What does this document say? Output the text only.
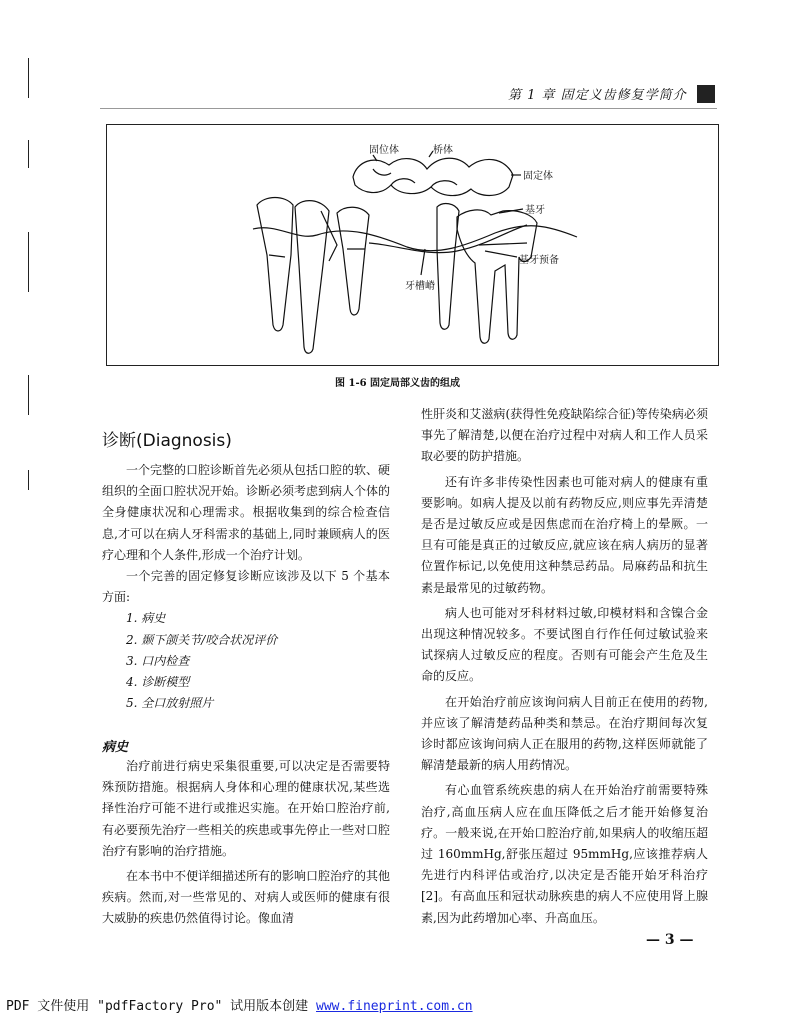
第 1 章 固定义齿修复学简介
固位体	桥体
固定体
基牙
基牙预备
牙槽嵴
图 1-6 固定局部义齿的组成
诊断(Diagnosis)

一个完整的口腔诊断首先必须从包括口腔的软、硬组织的全面口腔状况开始。诊断必须考虑到病人个体的全身健康状况和心理需求。根据收集到的综合检查信息,才可以在病人牙科需求的基础上,同时兼顾病人的医疗心理和个人条件,形成一个治疗计划。

一个完善的固定修复诊断应该涉及以下 5 个基本方面:

1. 病史
2. 颞下颌关节/咬合状况评价
3. 口内检查
4. 诊断模型
5. 全口放射照片
病史

治疗前进行病史采集很重要,可以决定是否需要特殊预防措施。根据病人身体和心理的健康状况,某些选择性治疗可能不进行或推迟实施。在开始口腔治疗前,有必要预先治疗一些相关的疾患或事先停止一些对口腔治疗有影响的治疗措施。

在本书中不便详细描述所有的影响口腔治疗的其他疾病。然而,对一些常见的、对病人或医师的健康有很大威胁的疾患仍然值得讨论。像血清

性肝炎和艾滋病(获得性免疫缺陷综合征)等传染病必须事先了解清楚,以便在治疗过程中对病人和工作人员采取必要的防护措施。

还有许多非传染性因素也可能对病人的健康有重要影响。如病人提及以前有药物反应,则应事先弄清楚是否是过敏反应或是因焦虑而在治疗椅上的晕厥。一旦有可能是真正的过敏反应,就应该在病人病历的显著位置作标记,以免使用这种禁忌药品。局麻药品和抗生素是最常见的过敏药物。

病人也可能对牙科材料过敏,印模材料和含镍合金出现这种情况较多。不要试图自行作任何过敏试验来试探病人过敏反应的程度。否则有可能会产生危及生命的反应。

在开始治疗前应该询问病人目前正在使用的药物,并应该了解清楚药品种类和禁忌。在治疗期间每次复诊时都应该询问病人正在服用的药物,这样医师就能了解清楚最新的病人用药情况。

有心血管系统疾患的病人在开始治疗前需要特殊治疗,高血压病人应在血压降低之后才能开始修复治疗。一般来说,在开始口腔治疗前,如果病人的收缩压超过 160mmHg,舒张压超过 95mmHg,应该推荐病人先进行内科评估或治疗,以决定是否能开始牙科治疗[2]。有高血压和冠状动脉疾患的病人不应使用肾上腺素,因为此药增加心率、升高血压。

— 3 —
PDF 文件使用 "pdfFactory Pro" 试用版本创建 www.fineprint.com.cn
